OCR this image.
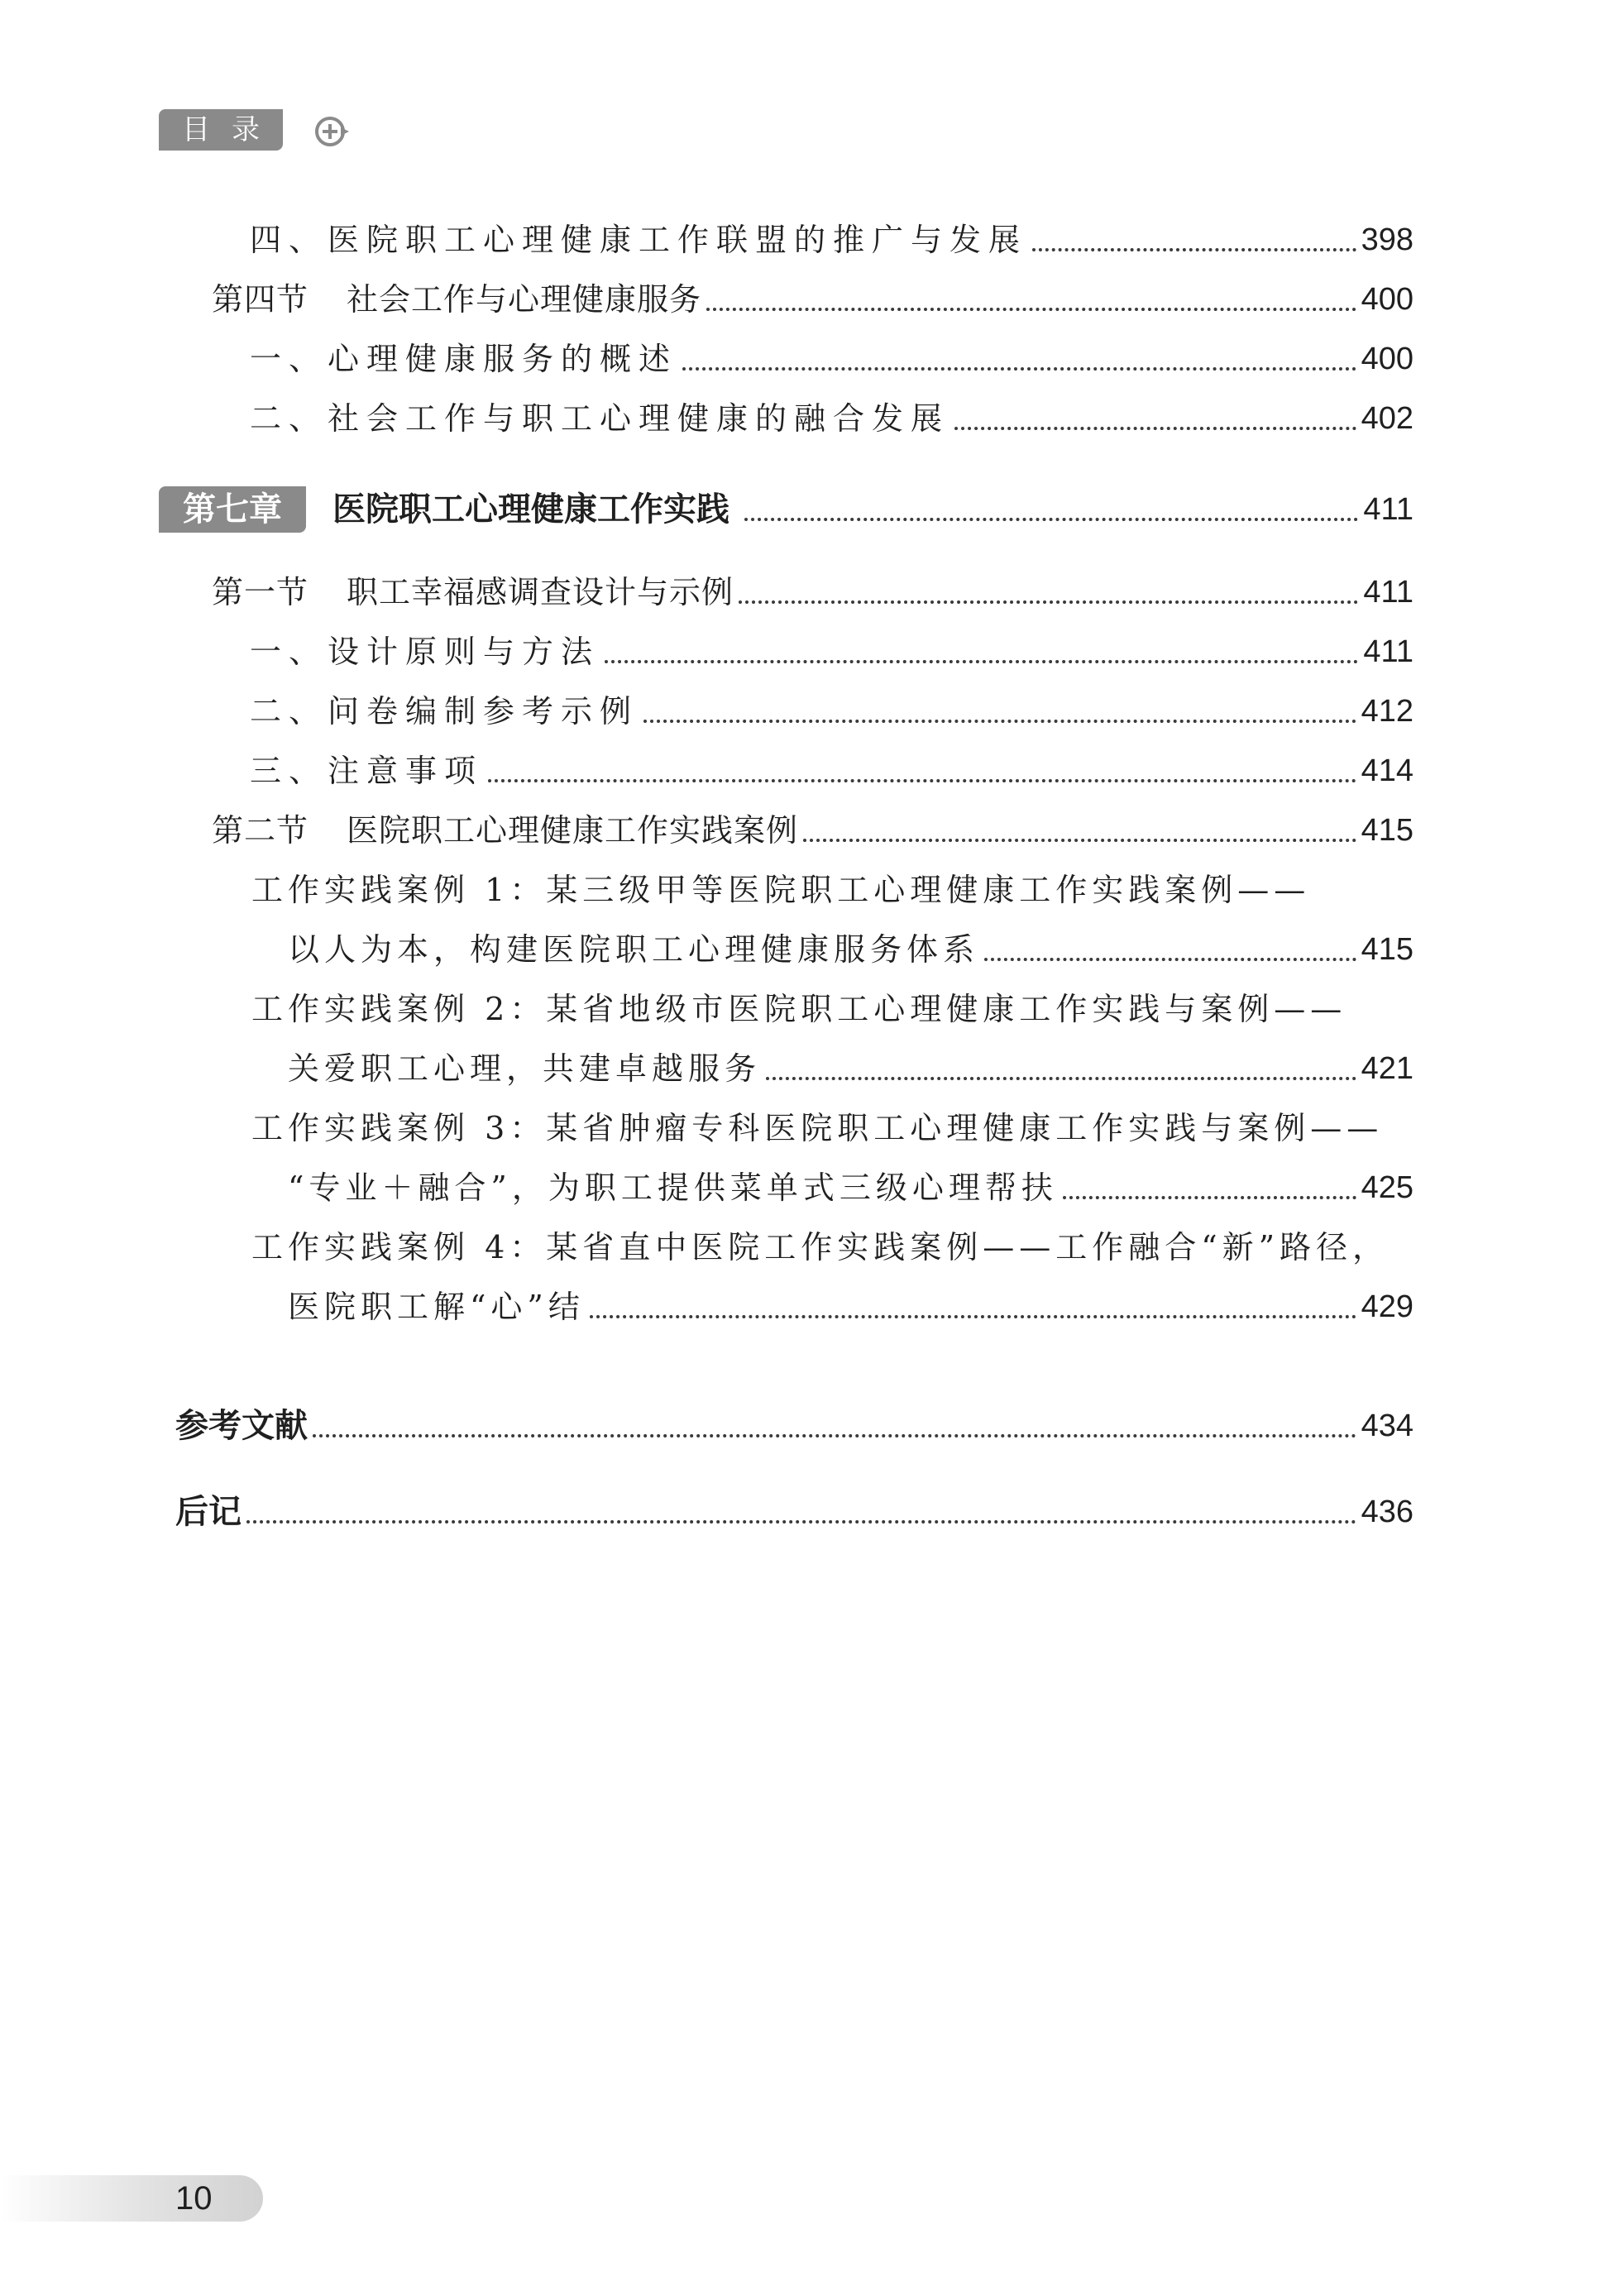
目录
四、医院职工心理健康工作联盟的推广与发展	398
第四节 社会工作与心理健康服务	400
一、心理健康服务的概述	400
二、社会工作与职工心理健康的融合发展	402
第七章	医院职工心理健康工作实践	411
第一节 职工幸福感调查设计与示例	411
一、设计原则与方法	411
二、问卷编制参考示例	412
三、注意事项	414
第二节 医院职工心理健康工作实践案例	415
工作实践案例 1：某三级甲等医院职工心理健康工作实践案例——
以人为本，构建医院职工心理健康服务体系	415
工作实践案例 2：某省地级市医院职工心理健康工作实践与案例——
关爱职工心理，共建卓越服务	421
工作实践案例 3：某省肿瘤专科医院职工心理健康工作实践与案例——
“专业＋融合”，为职工提供菜单式三级心理帮扶	425
工作实践案例 4：某省直中医院工作实践案例——工作融合“新”路径，
医院职工解“心”结	429
参考文献	434
后记	436
10
